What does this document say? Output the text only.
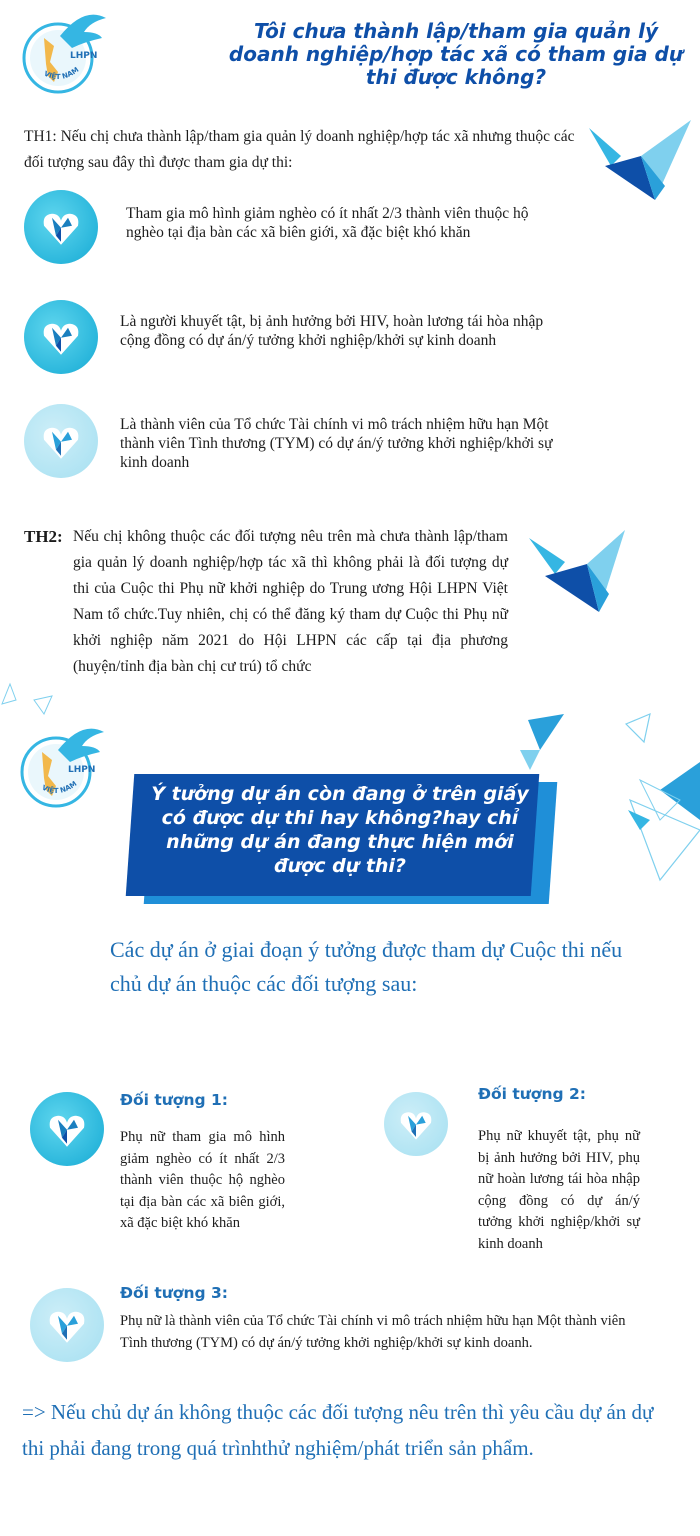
LHPN
VIỆT NAM
Tôi chưa thành lập/tham gia quản lý doanh nghiệp/hợp tác xã có tham gia dự thi được không?
TH1: Nếu chị chưa thành lập/tham gia quản lý doanh nghiệp/hợp tác xã nhưng thuộc các đối tượng sau đây thì được tham gia dự thi:
Tham gia mô hình giảm nghèo có ít nhất 2/3 thành viên thuộc hộ nghèo tại địa bàn các xã biên giới, xã đặc biệt khó khăn
Là người khuyết tật, bị ảnh hưởng bởi HIV, hoàn lương tái hòa nhập cộng đồng có dự án/ý tưởng khởi nghiệp/khởi sự kinh doanh
Là thành viên của Tổ chức Tài chính vi mô trách nhiệm hữu hạn Một thành viên Tình thương (TYM) có dự án/ý tưởng khởi nghiệp/khởi sự kinh doanh
TH2: Nếu chị không thuộc các đối tượng nêu trên mà chưa thành lập/tham gia quản lý doanh nghiệp/hợp tác xã thì không phải là đối tượng dự thi của Cuộc thi Phụ nữ khởi nghiệp do Trung ương Hội LHPN Việt Nam tổ chức.Tuy nhiên, chị có thể đăng ký tham dự Cuộc thi Phụ nữ khởi nghiệp năm 2021 do Hội LHPN các cấp tại địa phương (huyện/tỉnh địa bàn chị cư trú) tổ chức
LHPN
VIỆT NAM	Ý tưởng dự án còn đang ở trên giấy
có được dự thi hay không?hay chỉ
những dự án đang thực hiện mới
được dự thi?
Các dự án ở giai đoạn ý tưởng được tham dự Cuộc thi nếu chủ dự án thuộc các đối tượng sau:
Đối tượng 1:
Phụ nữ tham gia mô hình giảm nghèo có ít nhất 2/3 thành viên thuộc hộ nghèo tại địa bàn các xã biên giới, xã đặc biệt khó khăn
Đối tượng 2:
Phụ nữ khuyết tật, phụ nữ bị ảnh hưởng bởi HIV, phụ nữ hoàn lương tái hòa nhập cộng đồng có dự án/ý tưởng khởi nghiệp/khởi sự kinh doanh
Đối tượng 3:
Phụ nữ là thành viên của Tổ chức Tài chính vi mô trách nhiệm hữu hạn Một thành viên Tình thương (TYM) có dự án/ý tưởng khởi nghiệp/khởi sự kinh doanh.
=> Nếu chủ dự án không thuộc các đối tượng nêu trên thì yêu cầu dự án dự thi phải đang trong quá trìnhthử nghiệm/phát triển sản phẩm.
